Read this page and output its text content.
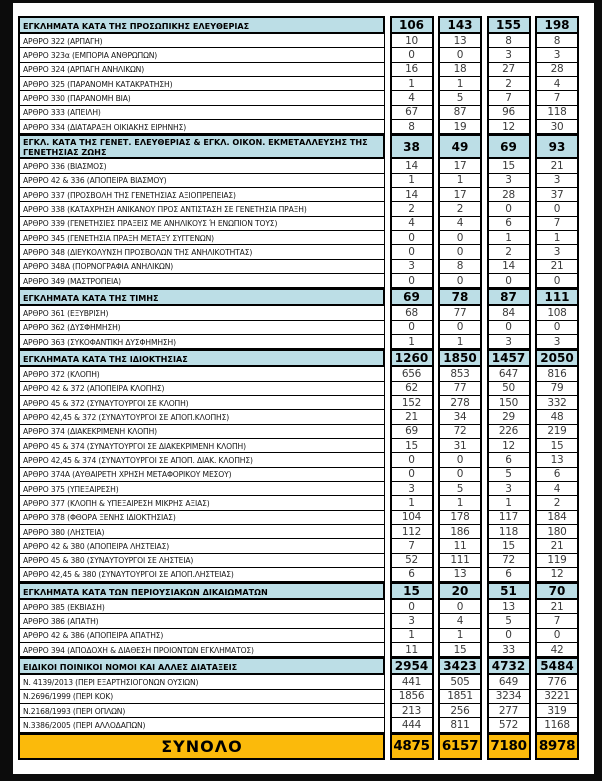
ΕΓΚΛΗΜΑΤΑ ΚΑΤΑ ΤΗΣ ΠΡΟΣΩΠΙΚΗΣ ΕΛΕΥΘΕΡΙΑΣ	106	143	155	198
ΑΡΘΡΟ 322 (ΑΡΠΑΓΗ)	10	13	8	8
ΑΡΘΡΟ 323α (ΕΜΠΟΡΙΑ ΑΝΘΡΩΠΩΝ)	0	0	3	3
ΑΡΘΡΟ 324 (ΑΡΠΑΓΗ ΑΝΗΛΙΚΩΝ)	16	18	27	28
ΑΡΘΡΟ 325 (ΠΑΡΑΝΟΜΗ ΚΑΤΑΚΡΑΤΗΣΗ)	1	1	2	4
ΑΡΘΡΟ 330 (ΠΑΡΑΝΟΜΗ ΒΙΑ)	4	5	7	7
ΑΡΘΡΟ 333 (ΑΠΕΙΛΗ)	67	87	96	118
ΑΡΘΡΟ 334 (ΔΙΑΤΑΡΑΞΗ ΟΙΚΙΑΚΗΣ ΕΙΡΗΝΗΣ)	8	19	12	30
ΕΓΚΛ. ΚΑΤΑ ΤΗΣ ΓΕΝΕΤ. ΕΛΕΥΘΕΡΙΑΣ & ΕΓΚΛ. ΟΙΚΟΝ. ΕΚΜΕΤΑΛΛΕΥΣΗΣ ΤΗΣ ΓΕΝΕΤΗΣΙΑΣ ΖΩΗΣ	38	49	69	93
ΑΡΘΡΟ 336 (ΒΙΑΣΜΟΣ)	14	17	15	21
ΑΡΘΡΟ 42 & 336 (ΑΠΟΠΕΙΡΑ ΒΙΑΣΜΟΥ)	1	1	3	3
ΑΡΘΡΟ 337 (ΠΡΟΣΒΟΛΗ ΤΗΣ ΓΕΝΕΤΗΣΙΑΣ ΑΞΙΟΠΡΕΠΕΙΑΣ)	14	17	28	37
ΑΡΘΡΟ 338 (ΚΑΤΑΧΡΗΣΗ ΑΝΙΚΑΝΟΥ ΠΡΟΣ ΑΝΤΙΣΤΑΣΗ ΣΕ ΓΕΝΕΤΗΣΙΑ ΠΡΑΞΗ)	2	2	0	0
ΑΡΘΡΟ 339 (ΓΕΝΕΤΗΣΙΕΣ ΠΡΑΞΕΙΣ ΜΕ ΑΝΗΛΙΚΟΥΣ Ή ΕΝΩΠΙΟΝ ΤΟΥΣ)	4	4	6	7
ΑΡΘΡΟ 345 (ΓΕΝΕΤΗΣΙΑ ΠΡΑΞΗ ΜΕΤΑΞΥ ΣΥΓΓΕΝΩΝ)	0	0	1	1
ΑΡΘΡΟ 348 (ΔΙΕΥΚΟΛΥΝΣΗ ΠΡΟΣΒΟΛΩΝ ΤΗΣ ΑΝΗΛΙΚΟΤΗΤΑΣ)	0	0	2	3
ΑΡΘΡΟ 348Α (ΠΟΡΝΟΓΡΑΦΙΑ ΑΝΗΛΙΚΩΝ)	3	8	14	21
ΑΡΘΡΟ 349 (ΜΑΣΤΡΟΠΕΙΑ)	0	0	0	0
ΕΓΚΛΗΜΑΤΑ ΚΑΤΑ ΤΗΣ ΤΙΜΗΣ	69	78	87	111
ΑΡΘΡΟ 361 (ΕΞΥΒΡΙΣΗ)	68	77	84	108
ΑΡΘΡΟ 362 (ΔΥΣΦΗΜΗΣΗ)	0	0	0	0
ΑΡΘΡΟ 363 (ΣΥΚΟΦΑΝΤΙΚΗ ΔΥΣΦΗΜΗΣΗ)	1	1	3	3
ΕΓΚΛΗΜΑΤΑ ΚΑΤΑ ΤΗΣ ΙΔΙΟΚΤΗΣΙΑΣ	1260	1850	1457	2050
ΑΡΘΡΟ 372 (ΚΛΟΠΗ)	656	853	647	816
ΑΡΘΡΟ 42 & 372 (ΑΠΟΠΕΙΡΑ ΚΛΟΠΗΣ)	62	77	50	79
ΑΡΘΡΟ 45 & 372 (ΣΥΝΑΥΤΟΥΡΓΟΙ ΣΕ ΚΛΟΠΗ)	152	278	150	332
ΑΡΘΡΟ 42,45 & 372 (ΣΥΝΑΥΤΟΥΡΓΟΙ ΣΕ ΑΠΟΠ.ΚΛΟΠΗΣ)	21	34	29	48
ΑΡΘΡΟ 374 (ΔΙΑΚΕΚΡΙΜΕΝΗ ΚΛΟΠΗ)	69	72	226	219
ΑΡΘΡΟ 45 & 374 (ΣΥΝΑΥΤΟΥΡΓΟΙ ΣΕ ΔΙΑΚΕΚΡΙΜΕΝΗ ΚΛΟΠΗ)	15	31	12	15
ΑΡΘΡΟ 42,45 & 374 (ΣΥΝΑΥΤΟΥΡΓΟΙ ΣΕ ΑΠΟΠ. ΔΙΑΚ. ΚΛΟΠΗΣ)	0	0	6	13
ΑΡΘΡΟ 374Α (ΑΥΘΑΙΡΕΤΗ ΧΡΗΣΗ ΜΕΤΑΦΟΡΙΚΟΥ ΜΕΣΟΥ)	0	0	5	6
ΑΡΘΡΟ 375 (ΥΠΕΞΑΙΡΕΣΗ)	3	5	3	4
ΑΡΘΡΟ 377 (ΚΛΟΠΗ & ΥΠΕΞΑΙΡΕΣΗ ΜΙΚΡΗΣ ΑΞΙΑΣ)	1	1	1	2
ΑΡΘΡΟ 378 (ΦΘΟΡΑ ΞΕΝΗΣ ΙΔΙΟΚΤΗΣΙΑΣ)	104	178	117	184
ΑΡΘΡΟ 380 (ΛΗΣΤΕΙΑ)	112	186	118	180
ΑΡΘΡΟ 42 & 380 (ΑΠΟΠΕΙΡΑ ΛΗΣΤΕΙΑΣ)	7	11	15	21
ΑΡΘΡΟ 45 & 380 (ΣΥΝΑΥΤΟΥΡΓΟΙ ΣΕ ΛΗΣΤΕΙΑ)	52	111	72	119
ΑΡΘΡΟ 42,45 & 380 (ΣΥΝΑΥΤΟΥΡΓΟΙ ΣΕ ΑΠΟΠ.ΛΗΣΤΕΙΑΣ)	6	13	6	12
ΕΓΚΛΗΜΑΤΑ ΚΑΤΑ ΤΩΝ ΠΕΡΙΟΥΣΙΑΚΩΝ ΔΙΚΑΙΩΜΑΤΩΝ	15	20	51	70
ΑΡΘΡΟ 385 (ΕΚΒΙΑΣΗ)	0	0	13	21
ΑΡΘΡΟ 386 (ΑΠΑΤΗ)	3	4	5	7
ΑΡΘΡΟ 42 & 386 (ΑΠΟΠΕΙΡΑ ΑΠΑΤΗΣ)	1	1	0	0
ΑΡΘΡΟ 394 (ΑΠΟΔΟΧΗ & ΔΙΑΘΕΣΗ ΠΡΟΙΟΝΤΩΝ ΕΓΚΛΗΜΑΤΟΣ)	11	15	33	42
ΕΙΔΙΚΟΙ ΠΟΙΝΙΚΟΙ ΝΟΜΟΙ ΚΑΙ ΑΛΛΕΣ ΔΙΑΤΑΞΕΙΣ	2954	3423	4732	5484
Ν. 4139/2013 (ΠΕΡΙ ΕΞΑΡΤΗΣΙΟΓΟΝΩΝ ΟΥΣΙΩΝ)	441	505	649	776
Ν.2696/1999 (ΠΕΡΙ ΚΟΚ)	1856	1851	3234	3221
Ν.2168/1993 (ΠΕΡΙ ΟΠΛΩΝ)	213	256	277	319
Ν.3386/2005 (ΠΕΡΙ ΑΛΛΟΔΑΠΩΝ)	444	811	572	1168
ΣΥΝΟΛΟ	4875 6157 7180 8978
